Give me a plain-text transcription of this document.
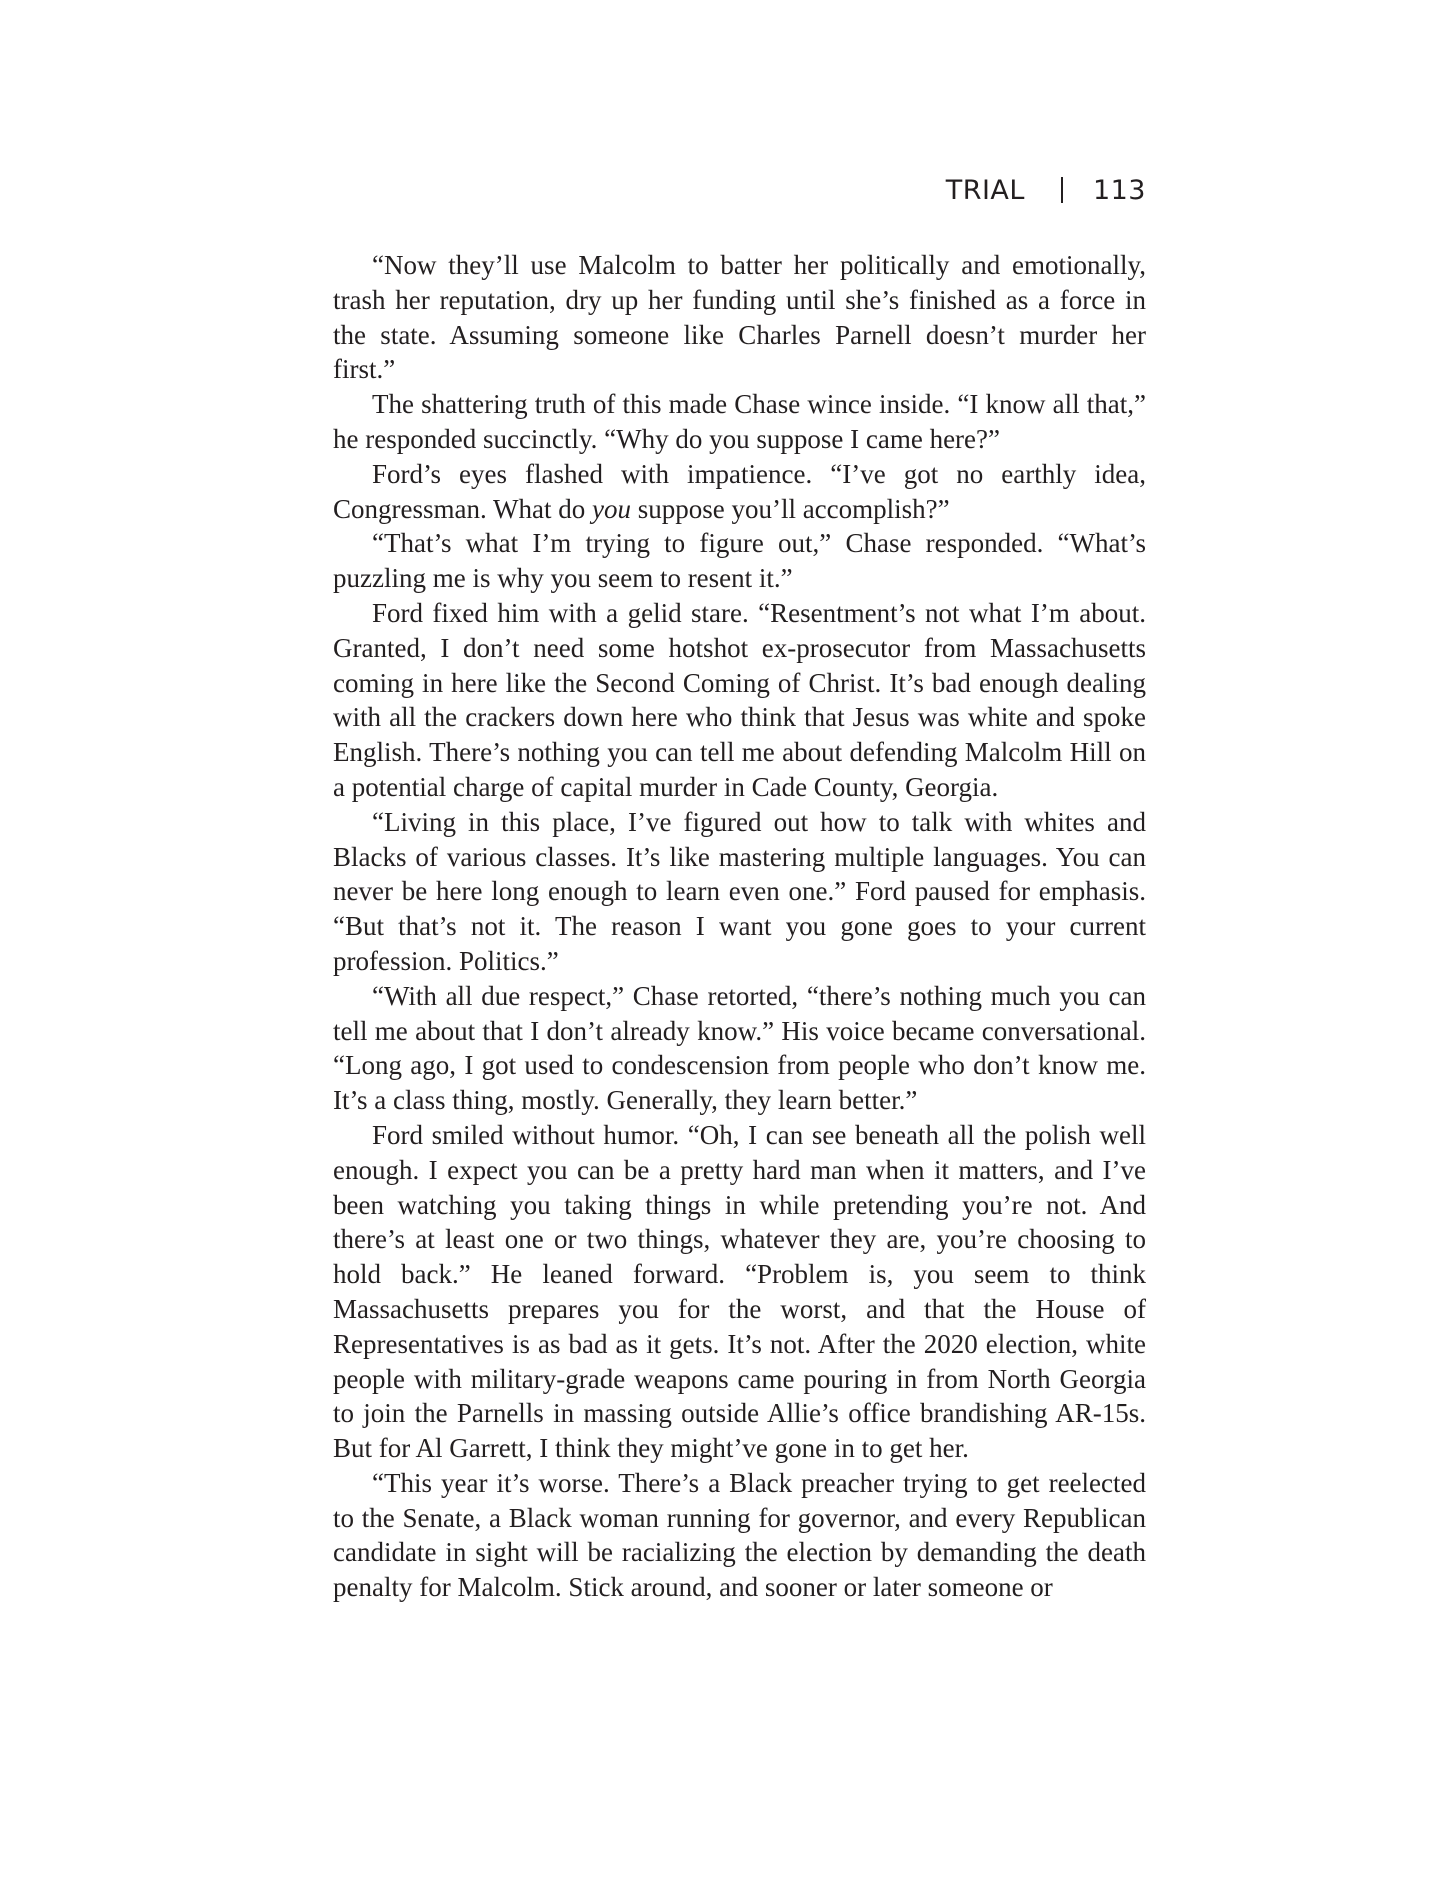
TRIAL	113

“Now they’ll use Malcolm to batter her politically and emotionally, trash her reputation, dry up her funding until she’s finished as a force in the state. Assuming someone like Charles Parnell doesn’t murder her first.”

The shattering truth of this made Chase wince inside. “I know all that,” he responded succinctly. “Why do you suppose I came here?”

Ford’s eyes flashed with impatience. “I’ve got no earthly idea, Congressman. What do you suppose you’ll accomplish?”

“That’s what I’m trying to figure out,” Chase responded. “What’s puzzling me is why you seem to resent it.”

Ford fixed him with a gelid stare. “Resentment’s not what I’m about. Granted, I don’t need some hotshot ex-prosecutor from Massachusetts coming in here like the Second Coming of Christ. It’s bad enough dealing with all the crackers down here who think that Jesus was white and spoke English. There’s nothing you can tell me about defending Malcolm Hill on a potential charge of capital murder in Cade County, Georgia.

“Living in this place, I’ve figured out how to talk with whites and Blacks of various classes. It’s like mastering multiple languages. You can never be here long enough to learn even one.” Ford paused for emphasis. “But that’s not it. The reason I want you gone goes to your current profession. Politics.”

“With all due respect,” Chase retorted, “there’s nothing much you can tell me about that I don’t already know.” His voice became conversational. “Long ago, I got used to condescension from people who don’t know me. It’s a class thing, mostly. Generally, they learn better.”

Ford smiled without humor. “Oh, I can see beneath all the polish well enough. I expect you can be a pretty hard man when it matters, and I’ve been watching you taking things in while pretending you’re not. And there’s at least one or two things, whatever they are, you’re choosing to hold back.” He leaned forward. “Problem is, you seem to think Massachusetts prepares you for the worst, and that the House of Representatives is as bad as it gets. It’s not. After the 2020 election, white people with military-grade weapons came pouring in from North Georgia to join the Parnells in massing outside Allie’s office brandishing AR-15s. But for Al Garrett, I think they might’ve gone in to get her.

“This year it’s worse. There’s a Black preacher trying to get reelected to the Senate, a Black woman running for governor, and every Republican candidate in sight will be racializing the election by demanding the death penalty for Malcolm. Stick around, and sooner or later someone or
